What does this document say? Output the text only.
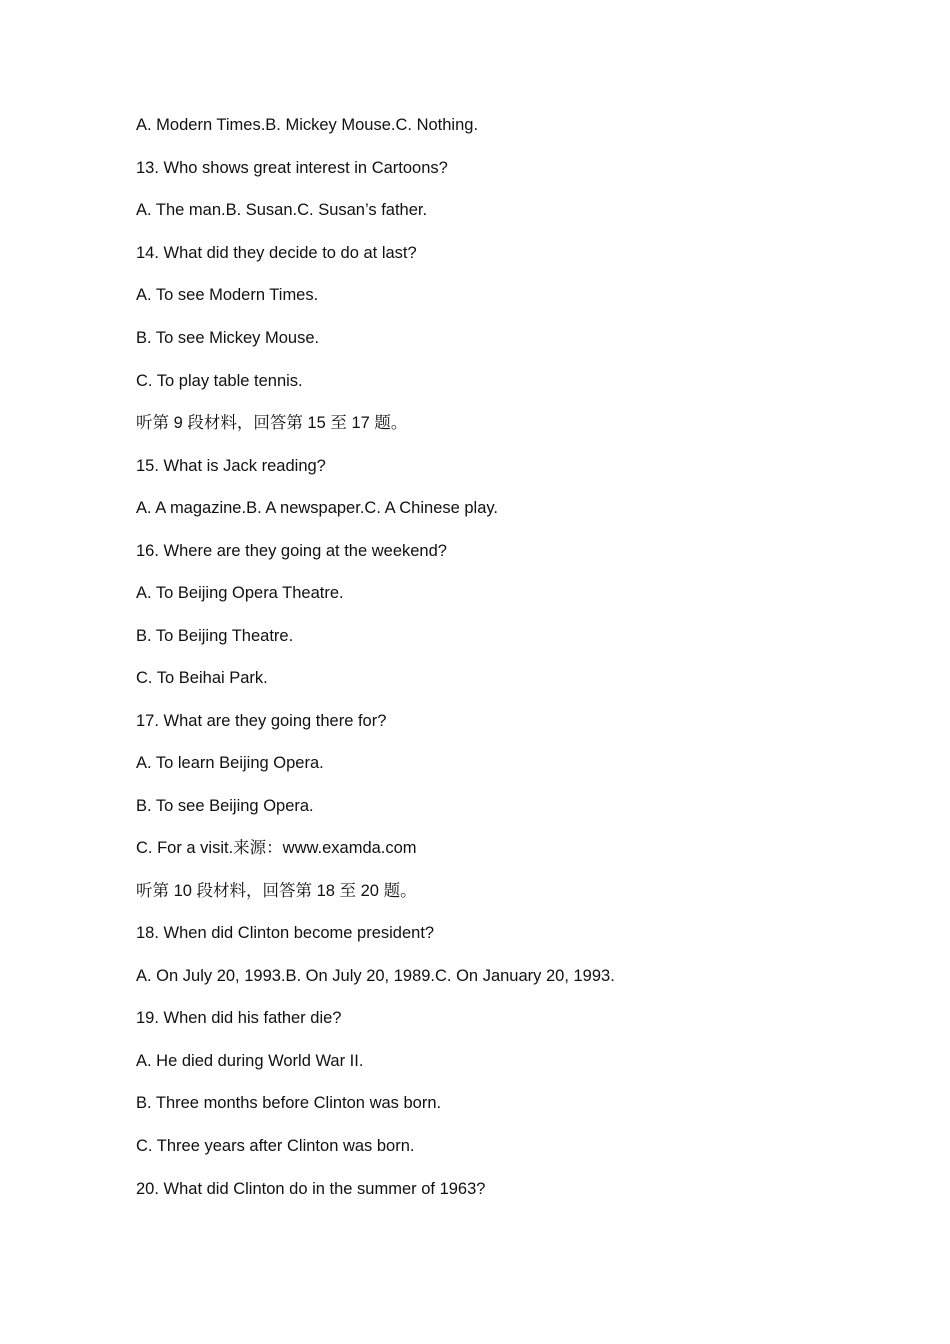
A. Modern Times.B. Mickey Mouse.C. Nothing.

13. Who shows great interest in Cartoons?

A. The man.B. Susan.C. Susan’s father.

14. What did they decide to do at last?

A. To see Modern Times.

B. To see Mickey Mouse.

C. To play table tennis.

听第 9 段材料，回答第 15 至 17 题。

15. What is Jack reading?

A. A magazine.B. A newspaper.C. A Chinese play.

16. Where are they going at the weekend?

A. To Beijing Opera Theatre.

B. To Beijing Theatre.

C. To Beihai Park.

17. What are they going there for?

A. To learn Beijing Opera.

B. To see Beijing Opera.

C. For a visit.来源：www.examda.com

听第 10 段材料，回答第 18 至 20 题。

18. When did Clinton become president?

A. On July 20, 1993.B. On July 20, 1989.C. On January 20, 1993.

19. When did his father die?

A. He died during World War II.

B. Three months before Clinton was born.

C. Three years after Clinton was born.

20. What did Clinton do in the summer of 1963?
